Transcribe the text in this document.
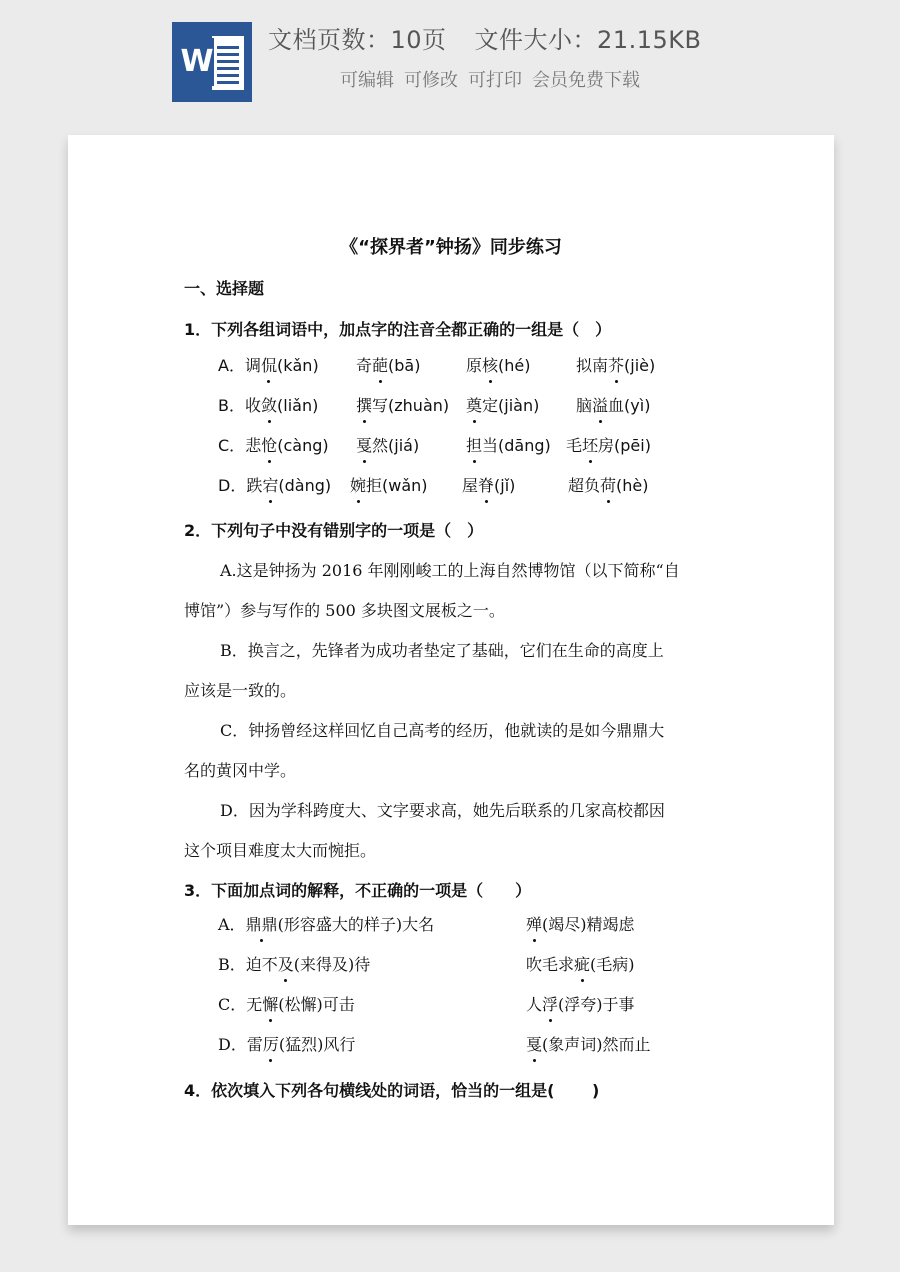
W
文档页数：10页 文件大小：21.15KB
可编辑 可修改 可打印 会员免费下载
《“探界者”钟扬》同步练习
一、选择题
1．下列各组词语中，加点字的注音全都正确的一组是（　）
A．调侃(kǎn) 奇葩(bā)	原核(hé)	拟南芥(jiè)
B．收敛(liǎn) 撰写(zhuàn) 奠定(jiàn) 脑溢血(yì)
C．悲怆(càng) 戛然(jiá)	担当(dāng) 毛坯房(pēi)
D．跌宕(dàng) 婉拒(wǎn) 屋脊(jǐ)	超负荷(hè)
2．下列句子中没有错别字的一项是（　）
A.这是钟扬为 2016 年刚刚峻工的上海自然博物馆（以下简称“自
博馆”）参与写作的 500 多块图文展板之一。
B．换言之，先锋者为成功者垫定了基础，它们在生命的高度上
应该是一致的。
C．钟扬曾经这样回忆自己高考的经历，他就读的是如今鼎鼎大
名的黄冈中学。
D．因为学科跨度大、文字要求高，她先后联系的几家高校都因
这个项目难度太大而惋拒。
3．下面加点词的解释，不正确的一项是（　　）
A．鼎鼎(形容盛大的样子)大名	殚(竭尽)精竭虑
B．迫不及(来得及)待	吹毛求疵(毛病)
C．无懈(松懈)可击	人浮(浮夸)于事
D．雷厉(猛烈)风行	戛(象声词)然而止
4．依次填入下列各句横线处的词语，恰当的一组是(　　 )
